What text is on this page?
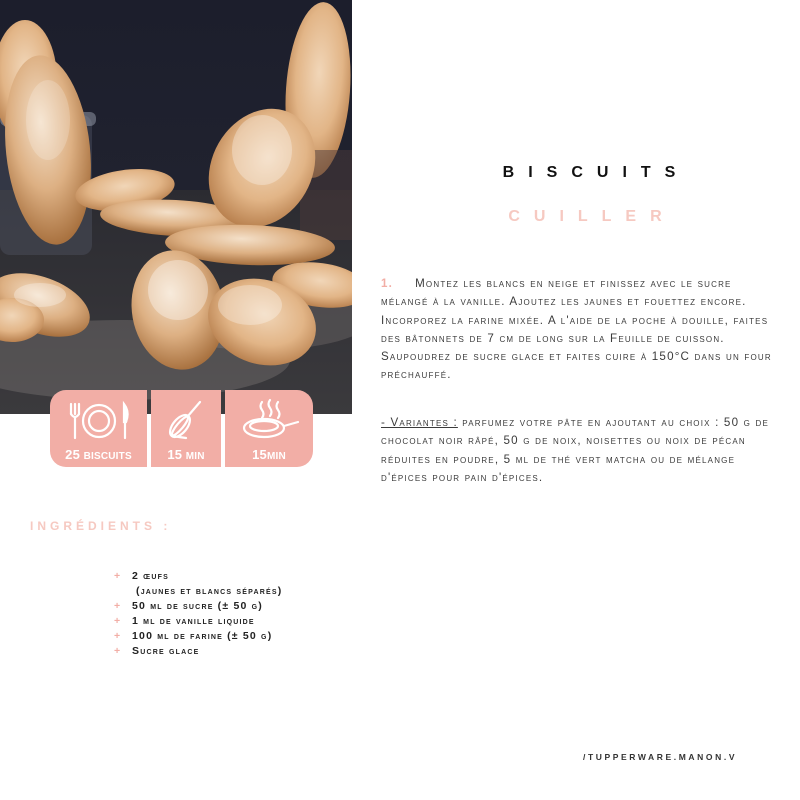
25 BISCUITS	15 MIN	15MIN
BISCUITS
CUILLER
1. Montez les blancs en neige et finissez avec le sucre mélangé à la vanille. Ajoutez les jaunes et fouettez encore. Incorporez la farine mixée. A l'aide de la poche à douille, faites des bâtonnets de 7 cm de long sur la Feuille de cuisson. Saupoudrez de sucre glace et faites cuire à 150°C dans un four préchauffé.
- Variantes : parfumez votre pâte en ajoutant au choix : 50 g de chocolat noir râpé, 50 g de noix, noisettes ou noix de pécan réduites en poudre, 5 ml de thé vert matcha ou de mélange d'épices pour pain d'épices.
INGRÉDIENTS :
+ 2 œufs
(jaunes et blancs séparés)
+ 50 ml de sucre (± 50 g)
+ 1 ml de vanille liquide
+ 100 ml de farine (± 50 g)
+ Sucre glace
/TUPPERWARE.MANON.V
